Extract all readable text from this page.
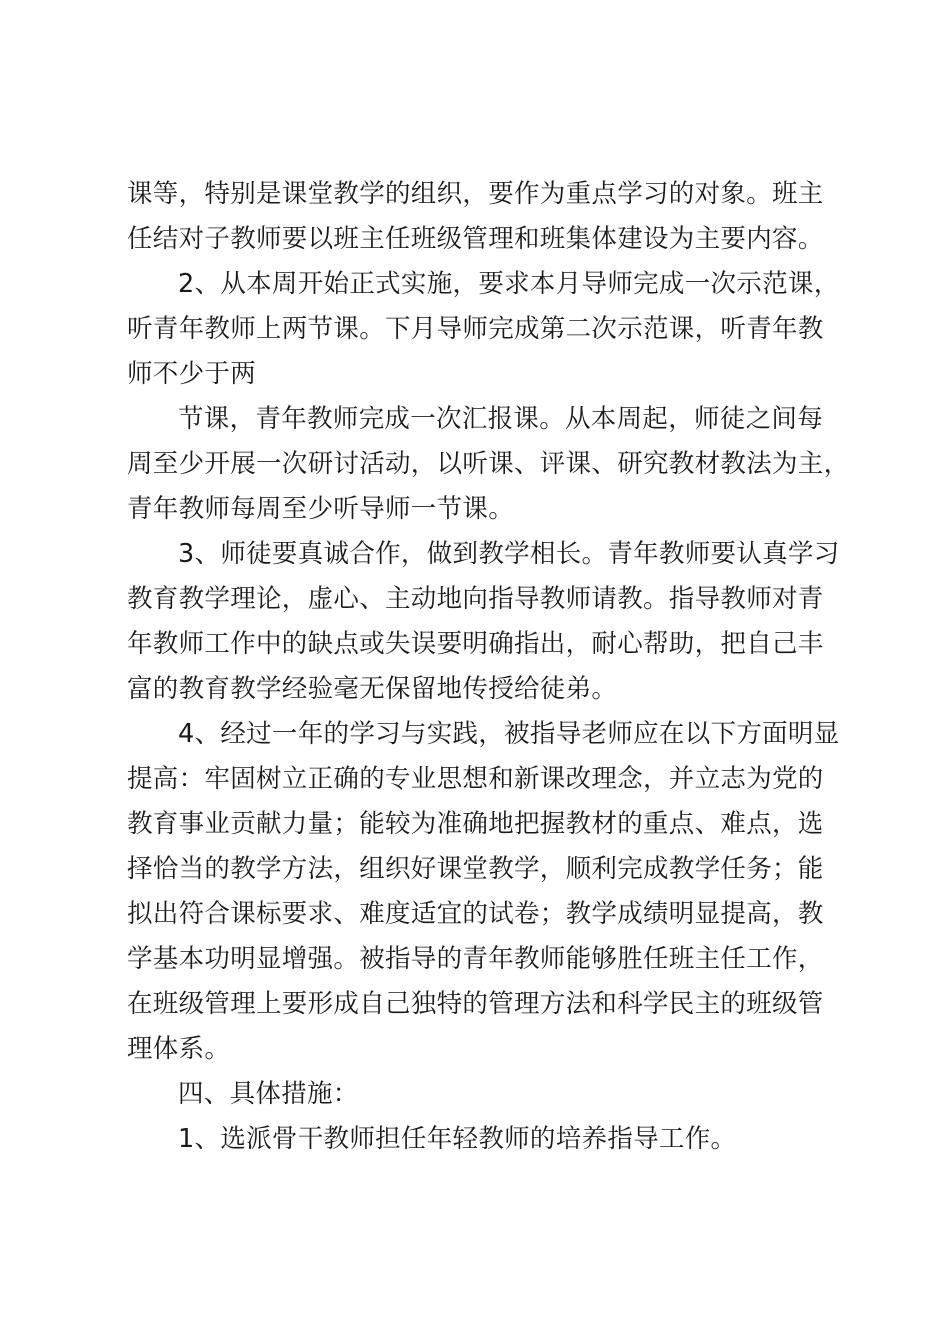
课等，特别是课堂教学的组织，要作为重点学习的对象。班主
任结对子教师要以班主任班级管理和班集体建设为主要内容。
2、从本周开始正式实施，要求本月导师完成一次示范课，
听青年教师上两节课。下月导师完成第二次示范课，听青年教
师不少于两
节课，青年教师完成一次汇报课。从本周起，师徒之间每
周至少开展一次研讨活动，以听课、评课、研究教材教法为主，
青年教师每周至少听导师一节课。
3、师徒要真诚合作，做到教学相长。青年教师要认真学习
教育教学理论，虚心、主动地向指导教师请教。指导教师对青
年教师工作中的缺点或失误要明确指出，耐心帮助，把自己丰
富的教育教学经验毫无保留地传授给徒弟。
4、经过一年的学习与实践，被指导老师应在以下方面明显
提高：牢固树立正确的专业思想和新课改理念，并立志为党的
教育事业贡献力量；能较为准确地把握教材的重点、难点，选
择恰当的教学方法，组织好课堂教学，顺利完成教学任务；能
拟出符合课标要求、难度适宜的试卷；教学成绩明显提高，教
学基本功明显增强。被指导的青年教师能够胜任班主任工作，
在班级管理上要形成自己独特的管理方法和科学民主的班级管
理体系。
四、具体措施：
1、选派骨干教师担任年轻教师的培养指导工作。
